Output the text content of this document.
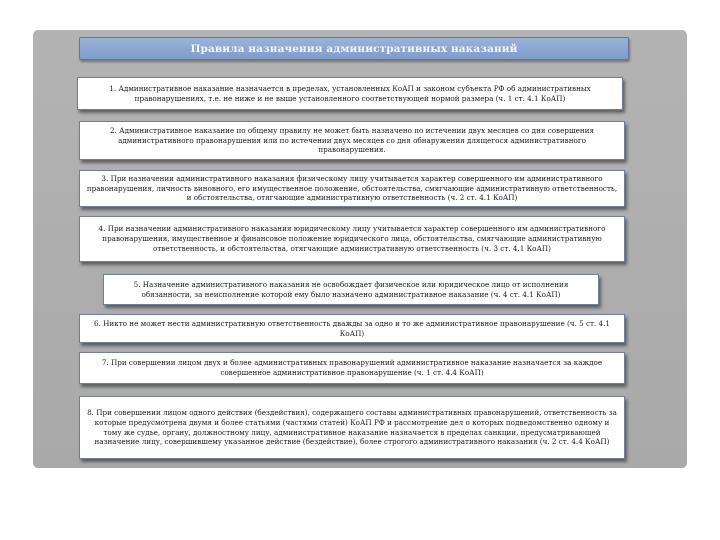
Правила назначения административных наказаний
1. Административное наказание назначается в пределах, установленных КоАП и законом субъекта РФ об административных правонарушениях, т.е. не ниже и не выше установленного соответствующей нормой размера (ч. 1 ст. 4.1 КоАП)
2. Административное наказание по общему правилу не может быть назначено по истечении двух месяцев со дня совершения административного правонарушения или по истечении двух месяцев со дня обнаружения длящегося административного правонарушения.
3. При назначении административного наказания физическому лицу учитывается характер совершенного им административного правонарушения, личность виновного, его имущественное положение, обстоятельства, смягчающие административную ответственность, и обстоятельства, отягчающие административную ответственность (ч. 2 ст. 4.1 КоАП)
4. При назначении административного наказания юридическому лицу учитывается характер совершенного им административного правонарушения, имущественное и финансовое положение юридического лица, обстоятельства, смягчающие административную ответственность, и обстоятельства, отягчающие административную ответственность (ч. 3 ст. 4.1 КоАП)
5. Назначение административного наказания не освобождает физическое или юридическое лицо от исполнения обязанности, за неисполнение которой ему было назначено административное наказание (ч. 4 ст. 4.1 КоАП)
6. Никто не может нести административную ответственность дважды за одно и то же административное правонарушение (ч. 5 ст. 4.1 КоАП)
7. При совершении лицом двух и более административных правонарушений административное наказание назначается за каждое совершенное административное правонарушение (ч. 1 ст. 4.4 КоАП)
8. При совершении лицом одного действия (бездействия), содержащего составы административных правонарушений, ответственность за которые предусмотрена двумя и более статьями (частями статей) КоАП РФ и рассмотрение дел о которых подведомственно одному и тому же судье, органу, должностному лицу, административное наказание назначается в пределах санкции, предусматривающей назначение лицу, совершившему указанное действие (бездействие), более строгого административного наказания (ч. 2 ст. 4.4 КоАП)
